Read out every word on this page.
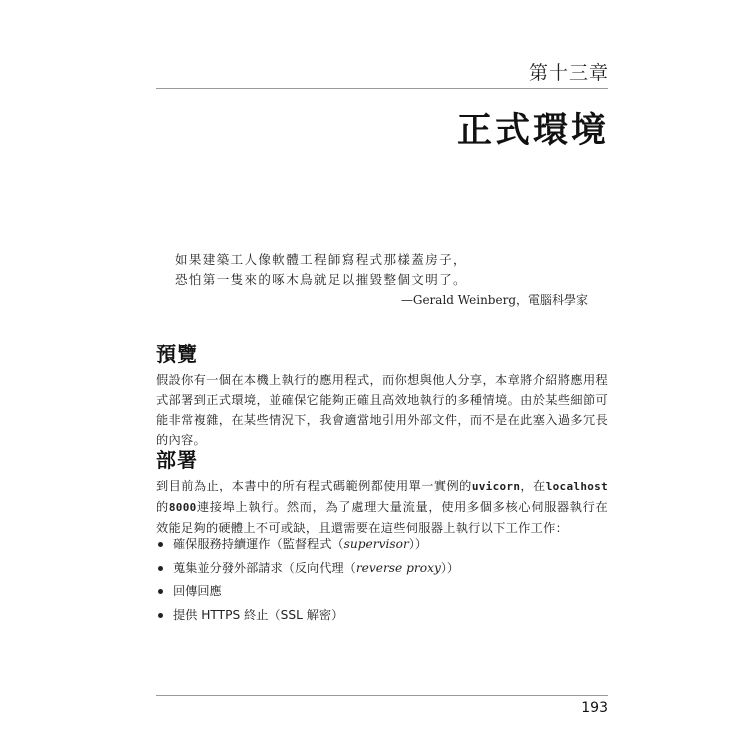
第十三章
正式環境
如果建築工人像軟體工程師寫程式那樣蓋房子，
恐怕第一隻來的啄木鳥就足以摧毀整個文明了。
—Gerald Weinberg，電腦科學家
預覽
假設你有一個在本機上執行的應用程式，而你想與他人分享，本章將介紹將應用程式部署到正式環境，並確保它能夠正確且高效地執行的多種情境。由於某些細節可能非常複雜，在某些情況下，我會適當地引用外部文件，而不是在此塞入過多冗長的內容。
部署
到目前為止，本書中的所有程式碼範例都使用單一實例的uvicorn，在localhost的8000連接埠上執行。然而，為了處理大量流量，使用多個多核心伺服器執行在效能足夠的硬體上不可或缺，且還需要在這些伺服器上執行以下工作工作：
確保服務持續運作（監督程式（supervisor））
蒐集並分發外部請求（反向代理（reverse proxy））
回傳回應
提供 HTTPS 終止（SSL 解密）
193
